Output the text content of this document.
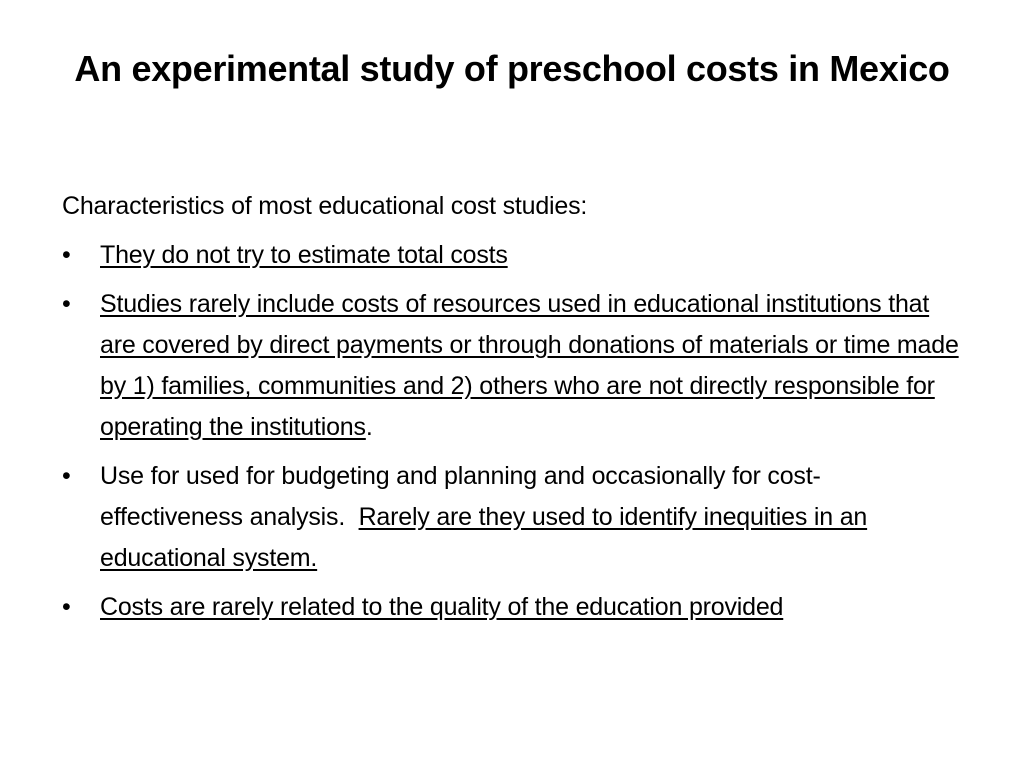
An experimental study of preschool costs in Mexico

Characteristics of most educational cost studies:

•	They do not try to estimate total costs
•	Studies rarely include costs of resources used in educational institutions that are covered by direct payments or through donations of materials or time made by 1) families, communities and 2) others who are not directly responsible for operating the institutions.
•	Use for used for budgeting and planning and occasionally for cost-effectiveness analysis.  Rarely are they used to identify inequities in an educational system.
•	Costs are rarely related to the quality of the education provided
